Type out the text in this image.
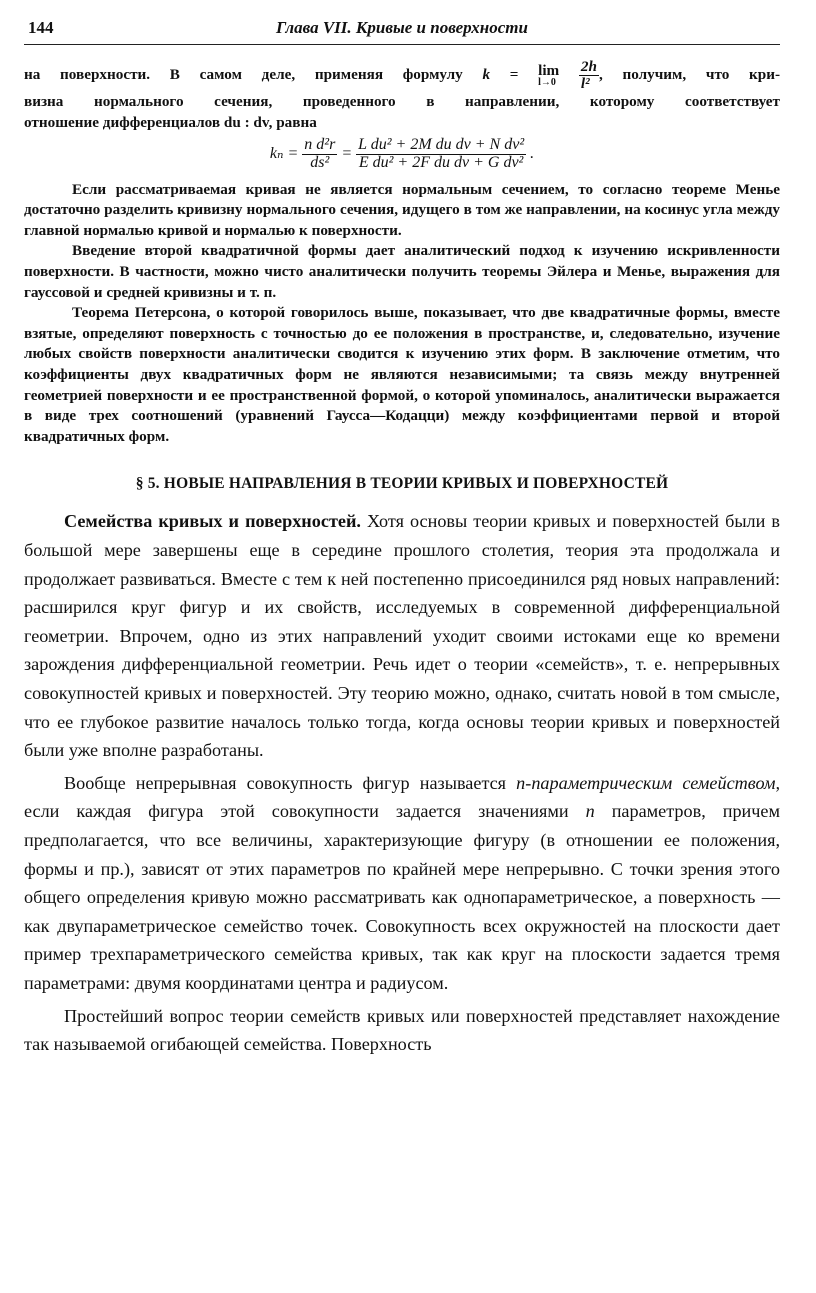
144	Глава VII. Кривые и поверхности
на поверхности. В самом деле, применяя формулу k = lim
l→0
$\frac{2h}{\text{l²}}$ , получим, что кри-
визна нормального сечения, проведенного в направлении, которому соответствует
отношение дифференциалов du : dv, равна
$k_n = \frac{\text{n d²r}}{\text{ds²}} = \frac{\text{L du² + 2M du dv + N dv²}}{\text{E du² + 2F du dv + G dv²}}$ .

Если рассматриваемая кривая не является нормальным сечением, то согласно теореме Менье достаточно разделить кривизну нормального сечения, идущего в том же направлении, на косинус угла между главной нормалью кривой и нормалью к поверхности.

Введение второй квадратичной формы дает аналитический подход к изучению искривленности поверхности. В частности, можно чисто аналитически получить теоремы Эйлера и Менье, выражения для гауссовой и средней кривизны и т. п.

Теорема Петерсона, о которой говорилось выше, показывает, что две квадратичные формы, вместе взятые, определяют поверхность с точностью до ее положения в пространстве, и, следовательно, изучение любых свойств поверхности аналитически сводится к изучению этих форм. В заключение отметим, что коэффициенты двух квадратичных форм не являются независимыми; та связь между внутренней геометрией поверхности и ее пространственной формой, о которой упоминалось, аналитически выражается в виде трех соотношений (уравнений Гаусса—Кодацци) между коэффициентами первой и второй квадратичных форм.

§ 5. НОВЫЕ НАПРАВЛЕНИЯ В ТЕОРИИ КРИВЫХ И ПОВЕРХНОСТЕЙ

Семейства кривых и поверхностей. Хотя основы теории кривых и поверхностей были в большой мере завершены еще в середине прошлого столетия, теория эта продолжала и продолжает развиваться. Вместе с тем к ней постепенно присоединился ряд новых направлений: расширился круг фигур и их свойств, исследуемых в современной дифференциальной геометрии. Впрочем, одно из этих направлений уходит своими истоками еще ко времени зарождения дифференциальной геометрии. Речь идет о теории «семейств», т. е. непрерывных совокупностей кривых и поверхностей. Эту теорию можно, однако, считать новой в том смысле, что ее глубокое развитие началось только тогда, когда основы теории кривых и поверхностей были уже вполне разработаны.

Вообще непрерывная совокупность фигур называется n-параметрическим семейством, если каждая фигура этой совокупности задается значениями n параметров, причем предполагается, что все величины, характеризующие фигуру (в отношении ее положения, формы и пр.), зависят от этих параметров по крайней мере непрерывно. С точки зрения этого общего определения кривую можно рассматривать как однопараметрическое, а поверхность — как двупараметрическое семейство точек. Совокупность всех окружностей на плоскости дает пример трехпараметрического семейства кривых, так как круг на плоскости задается тремя параметрами: двумя координатами центра и радиусом.

Простейший вопрос теории семейств кривых или поверхностей представляет нахождение так называемой огибающей семейства. Поверхность
